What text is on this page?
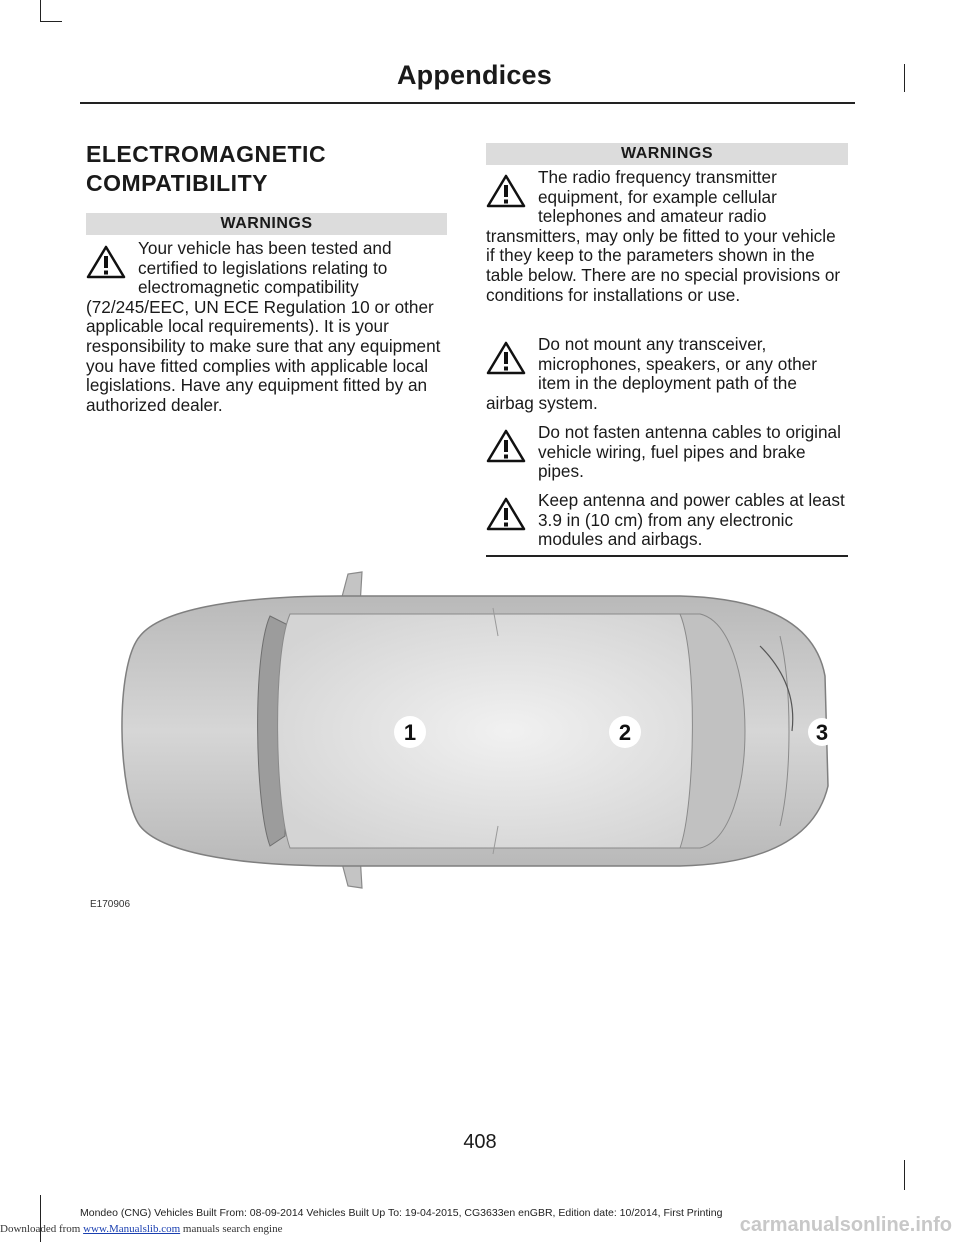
Appendices
ELECTROMAGNETIC
COMPATIBILITY
WARNINGS
Your vehicle has been tested and certified to legislations relating to electromagnetic compatibility (72/245/EEC, UN ECE Regulation 10 or other applicable local requirements). It is your responsibility to make sure that any equipment you have fitted complies with applicable local legislations. Have any equipment fitted by an authorized dealer.
WARNINGS
The radio frequency transmitter equipment, for example cellular telephones and amateur radio transmitters, may only be fitted to your vehicle if they keep to the parameters shown in the table below. There are no special provisions or conditions for installations or use.
Do not mount any transceiver, microphones, speakers, or any other item in the deployment path of the airbag system.
Do not fasten antenna cables to original vehicle wiring, fuel pipes and brake pipes.
Keep antenna and power cables at least 3.9 in (10 cm) from any electronic modules and airbags.
1	2	3
E170906
408
Downloaded from www.Manualslib.com manuals search engine
Mondeo (CNG) Vehicles Built From: 08-09-2014 Vehicles Built Up To: 19-04-2015, CG3633en enGBR, Edition date: 10/2014, First Printing
carmanualsonline.info
